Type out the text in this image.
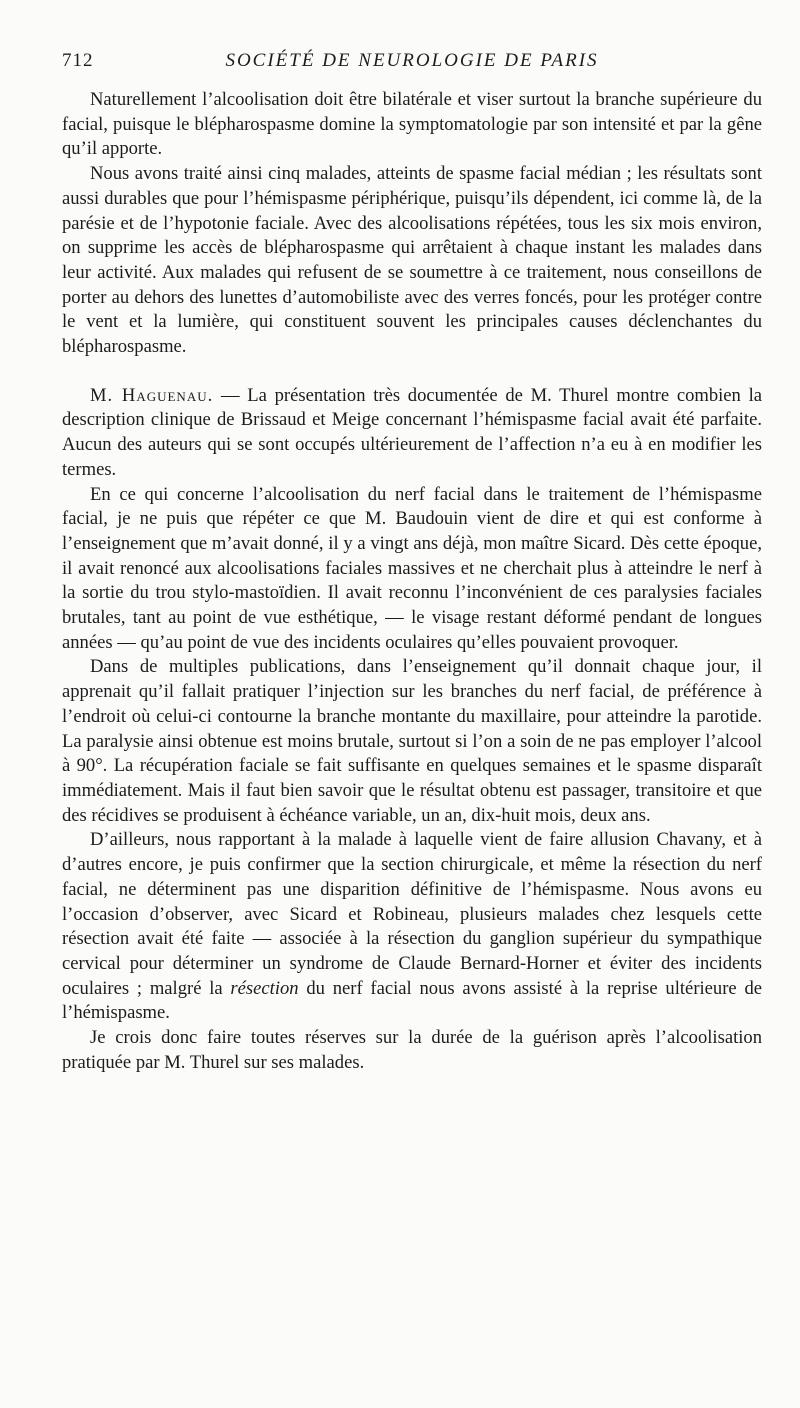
712	SOCIÉTÉ DE NEUROLOGIE DE PARIS

Naturellement l’alcoolisation doit être bilatérale et viser surtout la branche supérieure du facial, puisque le blépharospasme domine la symptomatologie par son intensité et par la gêne qu’il apporte.

Nous avons traité ainsi cinq malades, atteints de spasme facial médian ; les résultats sont aussi durables que pour l’hémispasme périphérique, puisqu’ils dépendent, ici comme là, de la parésie et de l’hypotonie faciale. Avec des alcoolisations répétées, tous les six mois environ, on supprime les accès de blépharospasme qui arrêtaient à chaque instant les malades dans leur activité. Aux malades qui refusent de se soumettre à ce traitement, nous conseillons de porter au dehors des lunettes d’automobiliste avec des verres foncés, pour les protéger contre le vent et la lumière, qui constituent souvent les principales causes déclenchantes du blépharospasme.

M. Haguenau. — La présentation très documentée de M. Thurel montre combien la description clinique de Brissaud et Meige concernant l’hémispasme facial avait été parfaite. Aucun des auteurs qui se sont occupés ultérieurement de l’affection n’a eu à en modifier les termes.

En ce qui concerne l’alcoolisation du nerf facial dans le traitement de l’hémispasme facial, je ne puis que répéter ce que M. Baudouin vient de dire et qui est conforme à l’enseignement que m’avait donné, il y a vingt ans déjà, mon maître Sicard. Dès cette époque, il avait renoncé aux alcoolisations faciales massives et ne cherchait plus à atteindre le nerf à la sortie du trou stylo-mastoïdien. Il avait reconnu l’inconvénient de ces paralysies faciales brutales, tant au point de vue esthétique, — le visage restant déformé pendant de longues années — qu’au point de vue des incidents oculaires qu’elles pouvaient provoquer.

Dans de multiples publications, dans l’enseignement qu’il donnait chaque jour, il apprenait qu’il fallait pratiquer l’injection sur les branches du nerf facial, de préférence à l’endroit où celui-ci contourne la branche montante du maxillaire, pour atteindre la parotide. La paralysie ainsi obtenue est moins brutale, surtout si l’on a soin de ne pas employer l’alcool à 90°. La récupération faciale se fait suffisante en quelques semaines et le spasme disparaît immédiatement. Mais il faut bien savoir que le résultat obtenu est passager, transitoire et que des récidives se produisent à échéance variable, un an, dix-huit mois, deux ans.

D’ailleurs, nous rapportant à la malade à laquelle vient de faire allusion Chavany, et à d’autres encore, je puis confirmer que la section chirurgicale, et même la résection du nerf facial, ne déterminent pas une disparition définitive de l’hémispasme. Nous avons eu l’occasion d’observer, avec Sicard et Robineau, plusieurs malades chez lesquels cette résection avait été faite — associée à la résection du ganglion supérieur du sympathique cervical pour déterminer un syndrome de Claude Bernard-Horner et éviter des incidents oculaires ; malgré la résection du nerf facial nous avons assisté à la reprise ultérieure de l’hémispasme.

Je crois donc faire toutes réserves sur la durée de la guérison après l’alcoolisation pratiquée par M. Thurel sur ses malades.
